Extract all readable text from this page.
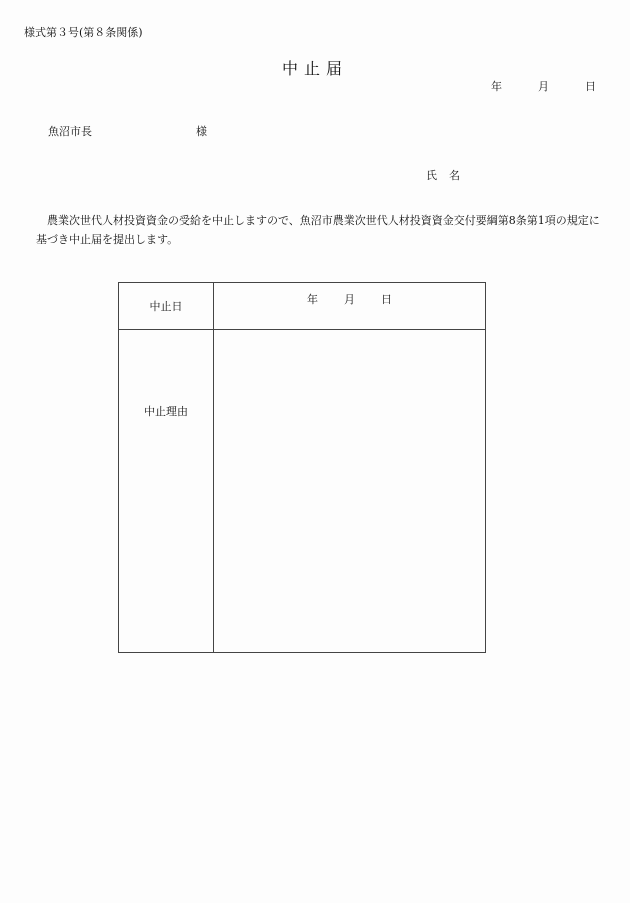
様式第３号(第８条関係)
中止届
年	月	日
魚沼市長	様
氏 名
農業次世代人材投資資金の受給を中止しますので、魚沼市農業次世代人材投資資金交付要綱第8条第1項の規定に基づき中止届を提出します。
中止日	年 月 日
中止理由	
